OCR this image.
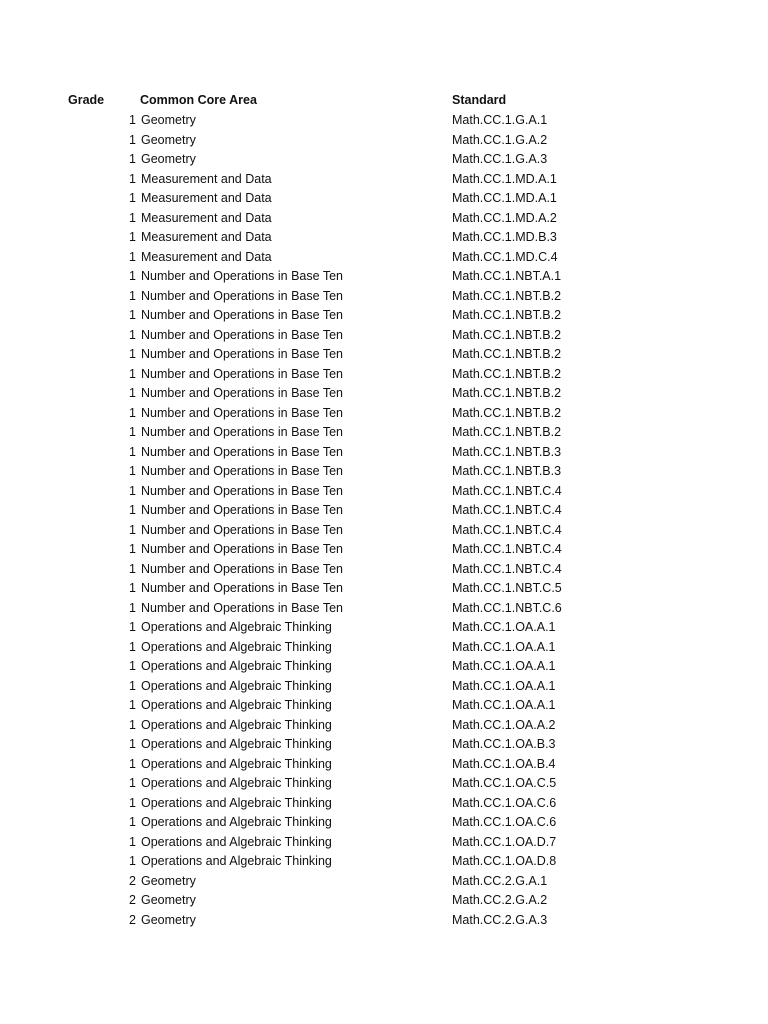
Grade	Common Core Area	Standard
1 Geometry	Math.CC.1.G.A.1
1 Geometry	Math.CC.1.G.A.2
1 Geometry	Math.CC.1.G.A.3
1 Measurement and Data	Math.CC.1.MD.A.1
1 Measurement and Data	Math.CC.1.MD.A.1
1 Measurement and Data	Math.CC.1.MD.A.2
1 Measurement and Data	Math.CC.1.MD.B.3
1 Measurement and Data	Math.CC.1.MD.C.4
1 Number and Operations in Base Ten	Math.CC.1.NBT.A.1
1 Number and Operations in Base Ten	Math.CC.1.NBT.B.2
1 Number and Operations in Base Ten	Math.CC.1.NBT.B.2
1 Number and Operations in Base Ten	Math.CC.1.NBT.B.2
1 Number and Operations in Base Ten	Math.CC.1.NBT.B.2
1 Number and Operations in Base Ten	Math.CC.1.NBT.B.2
1 Number and Operations in Base Ten	Math.CC.1.NBT.B.2
1 Number and Operations in Base Ten	Math.CC.1.NBT.B.2
1 Number and Operations in Base Ten	Math.CC.1.NBT.B.2
1 Number and Operations in Base Ten	Math.CC.1.NBT.B.3
1 Number and Operations in Base Ten	Math.CC.1.NBT.B.3
1 Number and Operations in Base Ten	Math.CC.1.NBT.C.4
1 Number and Operations in Base Ten	Math.CC.1.NBT.C.4
1 Number and Operations in Base Ten	Math.CC.1.NBT.C.4
1 Number and Operations in Base Ten	Math.CC.1.NBT.C.4
1 Number and Operations in Base Ten	Math.CC.1.NBT.C.4
1 Number and Operations in Base Ten	Math.CC.1.NBT.C.5
1 Number and Operations in Base Ten	Math.CC.1.NBT.C.6
1 Operations and Algebraic Thinking	Math.CC.1.OA.A.1
1 Operations and Algebraic Thinking	Math.CC.1.OA.A.1
1 Operations and Algebraic Thinking	Math.CC.1.OA.A.1
1 Operations and Algebraic Thinking	Math.CC.1.OA.A.1
1 Operations and Algebraic Thinking	Math.CC.1.OA.A.1
1 Operations and Algebraic Thinking	Math.CC.1.OA.A.2
1 Operations and Algebraic Thinking	Math.CC.1.OA.B.3
1 Operations and Algebraic Thinking	Math.CC.1.OA.B.4
1 Operations and Algebraic Thinking	Math.CC.1.OA.C.5
1 Operations and Algebraic Thinking	Math.CC.1.OA.C.6
1 Operations and Algebraic Thinking	Math.CC.1.OA.C.6
1 Operations and Algebraic Thinking	Math.CC.1.OA.D.7
1 Operations and Algebraic Thinking	Math.CC.1.OA.D.8
2 Geometry	Math.CC.2.G.A.1
2 Geometry	Math.CC.2.G.A.2
2 Geometry	Math.CC.2.G.A.3
